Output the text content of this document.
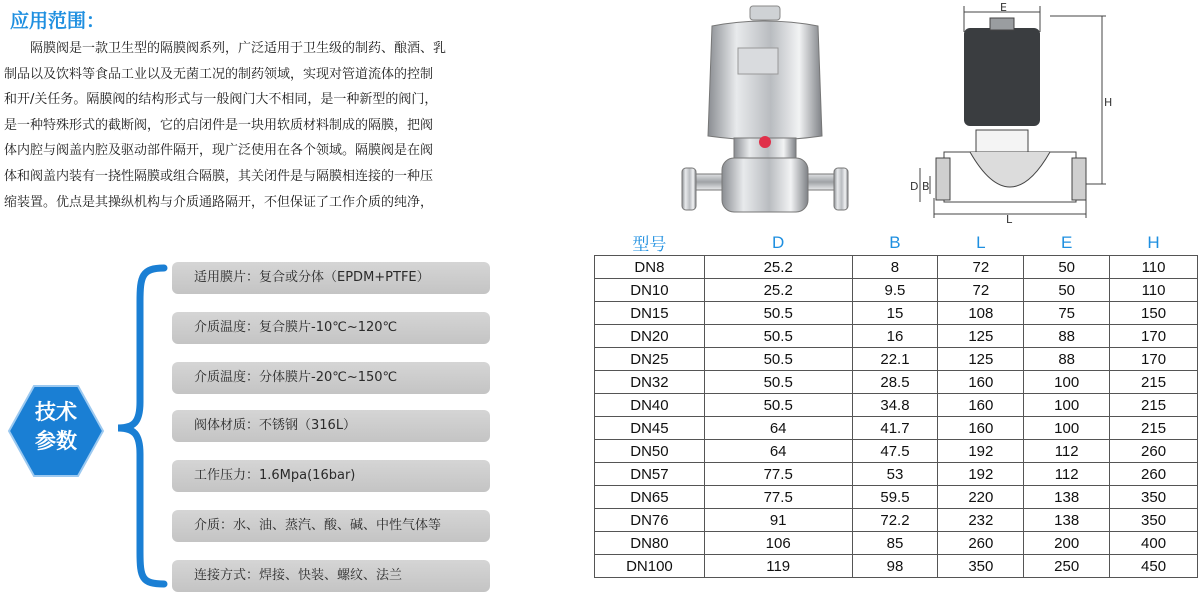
应用范围：
隔膜阀是一款卫生型的隔膜阀系列，广泛适用于卫生级的制药、酿酒、乳
制品以及饮料等食品工业以及无菌工况的制药领域，实现对管道流体的控制
和开/关任务。隔膜阀的结构形式与一般阀门大不相同，是一种新型的阀门，
是一种特殊形式的截断阀，它的启闭件是一块用软质材料制成的隔膜，把阀
体内腔与阀盖内腔及驱动部件隔开，现广泛使用在各个领域。隔膜阀是在阀
体和阀盖内装有一挠性隔膜或组合隔膜，其关闭件是与隔膜相连接的一种压
缩装置。优点是其操纵机构与介质通路隔开，不但保证了工作介质的纯净，
技术
参数
适用膜片：复合或分体（EPDM+PTFE）
介质温度：复合膜片-10℃~120℃
介质温度：分体膜片-20℃~150℃
阀体材质：不锈钢（316L）
工作压力：1.6Mpa(16bar)
介质：水、油、蒸汽、酸、碱、中性气体等
连接方式：焊接、快装、螺纹、法兰
E
H
D B
L
型号	D	B	L	E	H
DN8	25.2	8	72	50	110
DN10	25.2	9.5	72	50	110
DN15	50.5	15	108	75	150
DN20	50.5	16	125	88	170
DN25	50.5	22.1	125	88	170
DN32	50.5	28.5	160	100	215
DN40	50.5	34.8	160	100	215
DN45	64	41.7	160	100	215
DN50	64	47.5	192	112	260
DN57	77.5	53	192	112	260
DN65	77.5	59.5	220	138	350
DN76	91	72.2	232	138	350
DN80	106	85	260	200	400
DN100	119	98	350	250	450
